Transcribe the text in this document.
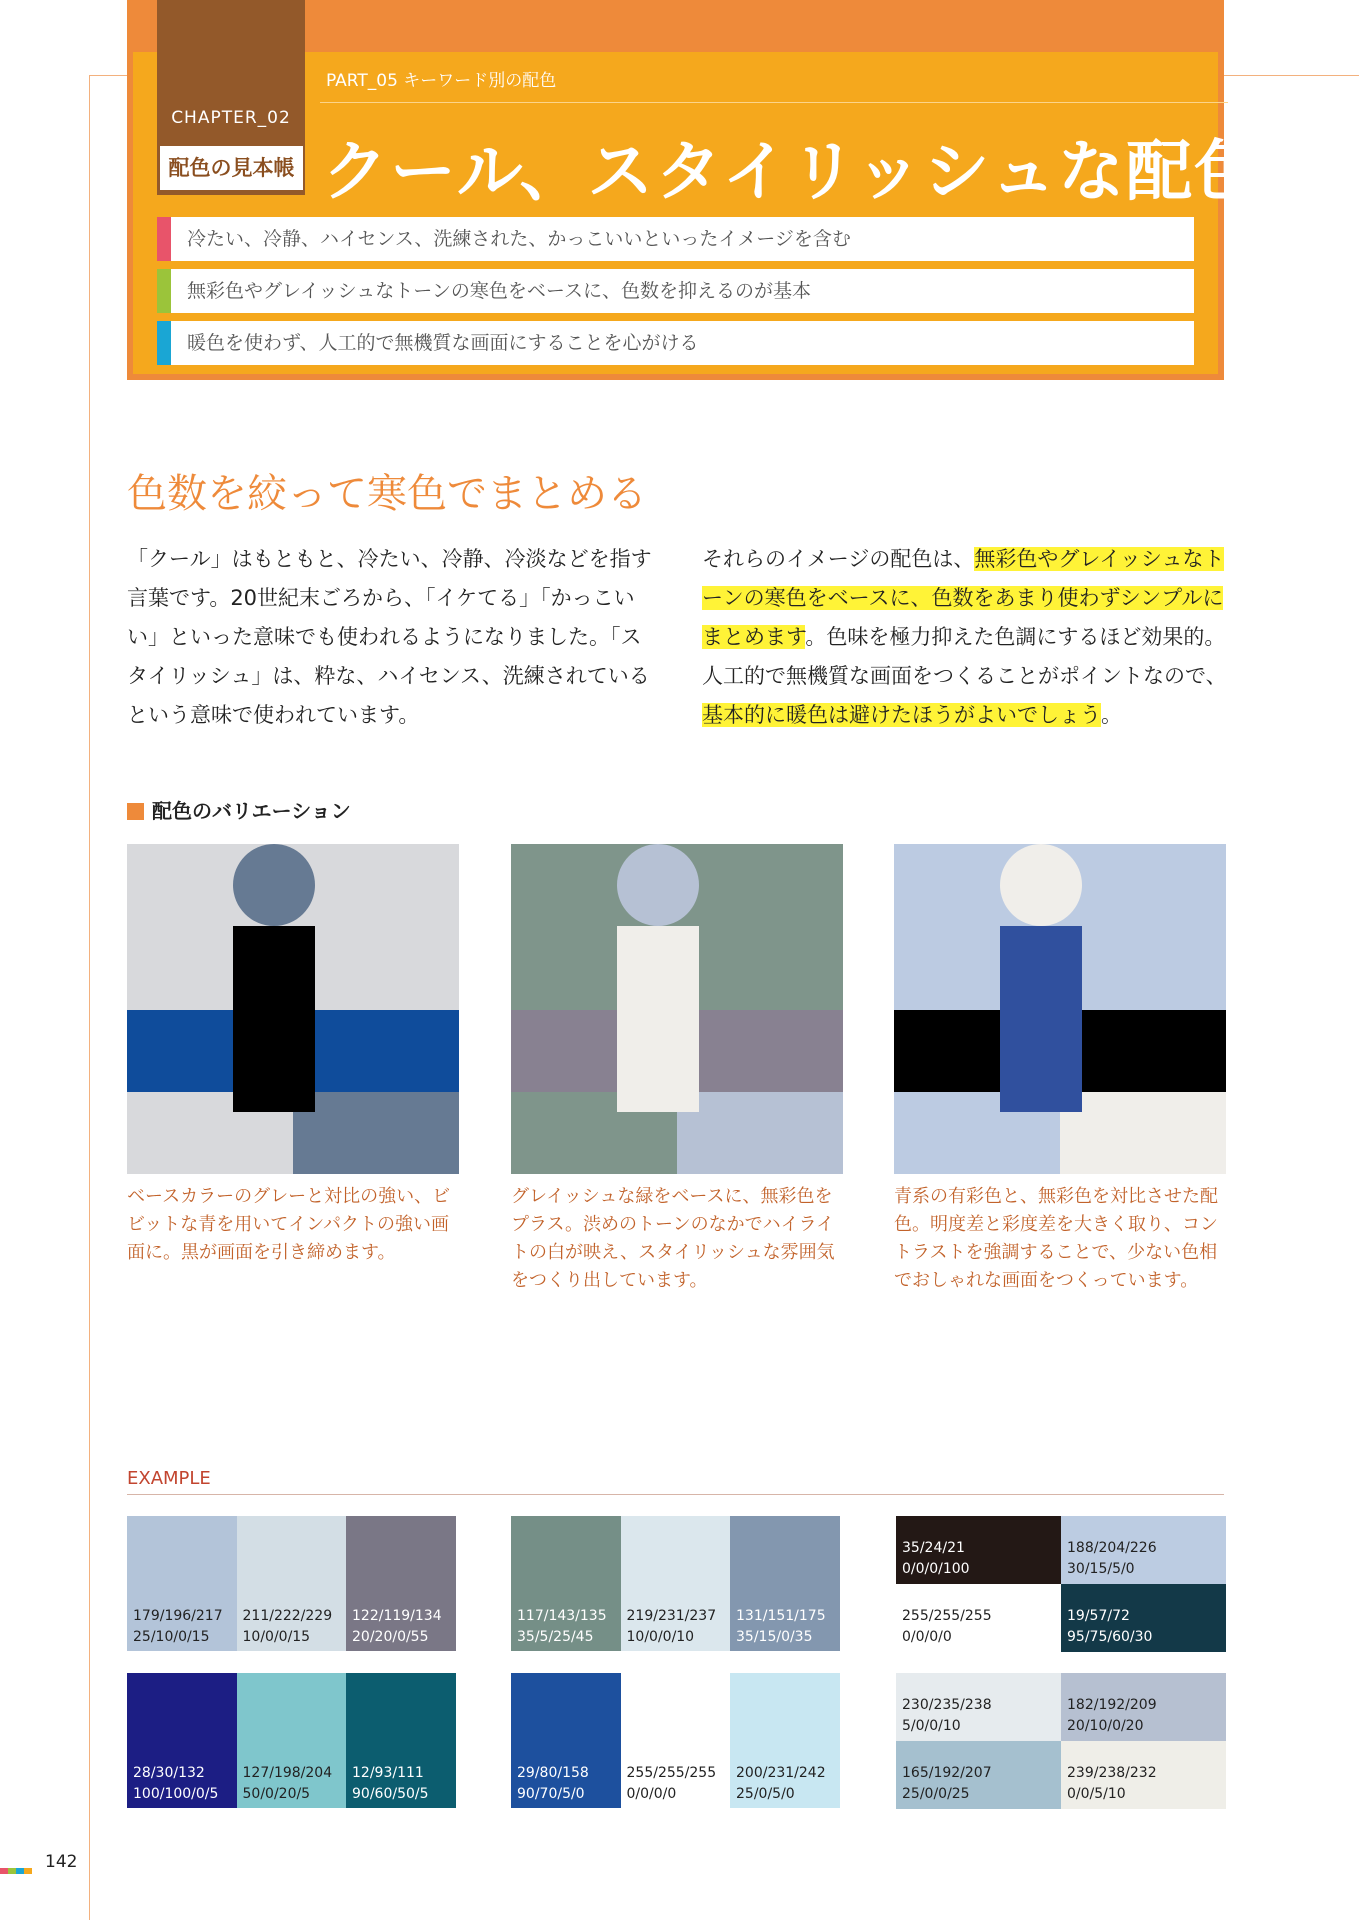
CHAPTER_02
配色の見本帳
PART_05 キーワード別の配色
クール、スタイリッシュな配色
冷たい、冷静、ハイセンス、洗練された、かっこいいといったイメージを含む
無彩色やグレイッシュなトーンの寒色をベースに、色数を抑えるのが基本
暖色を使わず、人工的で無機質な画面にすることを心がける
色数を絞って寒色でまとめる
「クール」はもともと、冷たい、冷静、冷淡などを指す言葉です。20世紀末ごろから、「イケてる」「かっこいい」といった意味でも使われるようになりました。「スタイリッシュ」は、粋な、ハイセンス、洗練されているという意味で使われています。
それらのイメージの配色は、無彩色やグレイッシュなトーンの寒色をベースに、色数をあまり使わずシンプルにまとめます。色味を極力抑えた色調にするほど効果的。人工的で無機質な画面をつくることがポイントなので、基本的に暖色は避けたほうがよいでしょう。
配色のバリエーション
ベースカラーのグレーと対比の強い、ビビットな青を用いてインパクトの強い画面に。黒が画面を引き締めます。
グレイッシュな緑をベースに、無彩色をプラス。渋めのトーンのなかでハイライトの白が映え、スタイリッシュな雰囲気をつくり出しています。
青系の有彩色と、無彩色を対比させた配色。明度差と彩度差を大きく取り、コントラストを強調することで、少ない色相でおしゃれな画面をつくっています。
EXAMPLE
179/196/217
25/10/0/15
211/222/229
10/0/0/15
122/119/134
20/20/0/55
28/30/132
100/100/0/5
127/198/204
50/0/20/5
12/93/111
90/60/50/5
117/143/135
35/5/25/45
219/231/237
10/0/0/10
131/151/175
35/15/0/35
29/80/158
90/70/5/0
255/255/255
0/0/0/0
200/231/242
25/0/5/0
35/24/21
0/0/0/100
188/204/226
30/15/5/0
255/255/255
0/0/0/0
19/57/72
95/75/60/30
230/235/238
5/0/0/10
182/192/209
20/10/0/20
165/192/207
25/0/0/25
239/238/232
0/0/5/10
142
